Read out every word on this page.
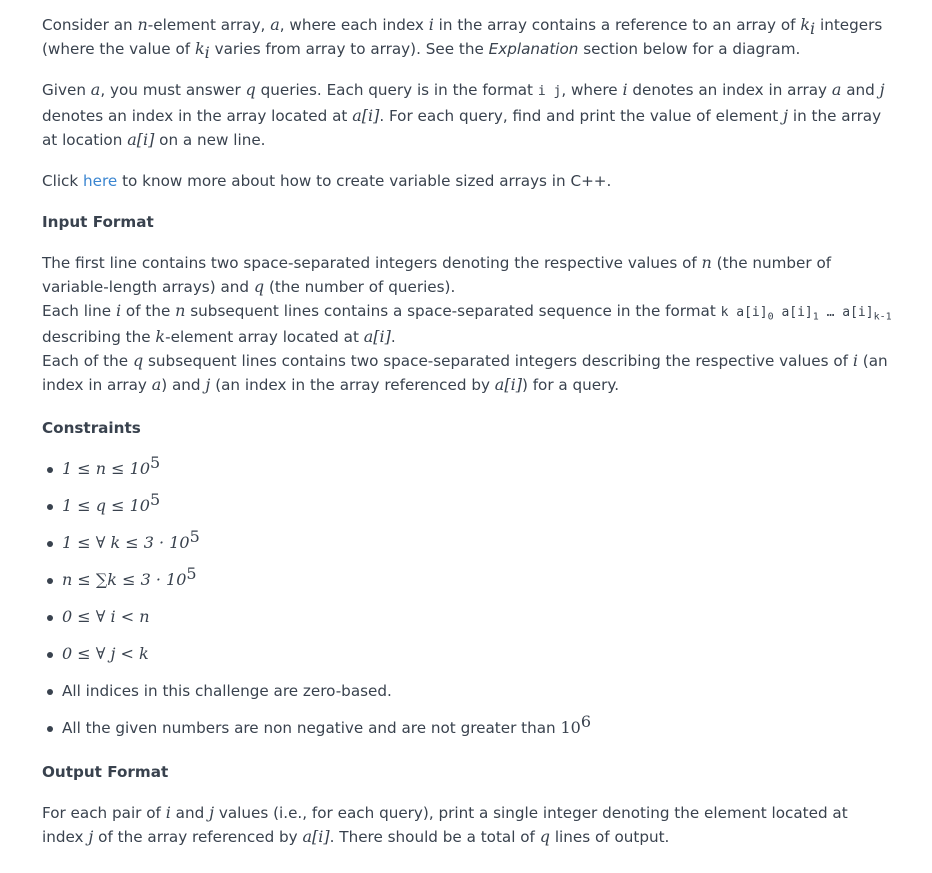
Consider an n-element array, a, where each index i in the array contains a reference to an array of $k_i$ integers (where the value of $k_i$ varies from array to array). See the Explanation section below for a diagram.

Given a, you must answer q queries. Each query is in the format i j, where i denotes an index in array a and j denotes an index in the array located at a[i]. For each query, find and print the value of element j in the array at location a[i] on a new line.

Click here to know more about how to create variable sized arrays in C++.

Input Format

The first line contains two space-separated integers denoting the respective values of n (the number of variable-length arrays) and q (the number of queries).

Each line i of the n subsequent lines contains a space-separated sequence in the format k $a[i]_0$ $a[i]_1$ … $a[i]_{k-1}$ describing the k-element array located at a[i].

Each of the q subsequent lines contains two space-separated integers describing the respective values of i (an index in array a) and j (an index in the array referenced by a[i]) for a query.

Constraints
$1 \le n \le 10^5$
$1 \le q \le 10^5$
1 ≤ ∀ $k \le 3 \cdot 10^5$
$n \le \sum k \le 3 \cdot 10^5$
0 ≤ ∀ i < n
0 ≤ ∀ j < k
All indices in this challenge are zero-based.
All the given numbers are non negative and are not greater than $10^6$
Output Format

For each pair of i and j values (i.e., for each query), print a single integer denoting the element located at index j of the array referenced by a[i]. There should be a total of q lines of output.
